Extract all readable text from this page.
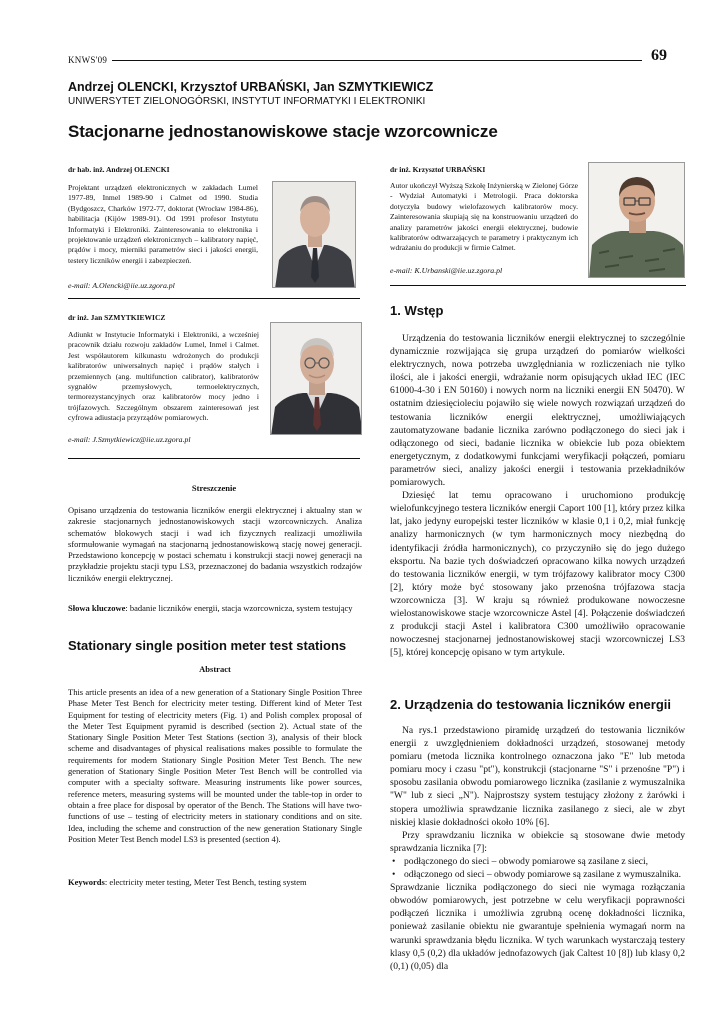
KNWS'09	69
Andrzej OLENCKI, Krzysztof URBAŃSKI, Jan SZMYTKIEWICZ
UNIWERSYTET ZIELONOGÓRSKI, INSTYTUT INFORMATYKI I ELEKTRONIKI
Stacjonarne jednostanowiskowe stacje wzorcownicze
dr hab. inż. Andrzej OLENCKI
Projektant urządzeń elektronicznych w zakładach Lumel 1977-89, Inmel 1989-90 i Calmet od 1990. Studia (Bydgoszcz, Charków 1972-77, doktorat (Wrocław 1984-86), habilitacja (Kijów 1989-91). Od 1991 profesor Instytutu Informatyki i Elektroniki. Zainteresowania to elektronika i projektowanie urządzeń elektronicznych – kalibratory napięć, prądów i mocy, mierniki parametrów sieci i jakości energii, testery liczników energii i zabezpieczeń.
e-mail: A.Olencki@iie.uz.zgora.pl
dr inż. Jan SZMYTKIEWICZ
Adiunkt w Instytucie Informatyki i Elektroniki, a wcześniej pracownik działu rozwoju zakładów Lumel, Inmel i Calmet. Jest współautorem kilkunastu wdrożonych do produkcji kalibratorów uniwersalnych napięć i prądów stałych i przemiennych (ang. multifunction calibrator), kalibratorów sygnałów przemysłowych, termoelektrycznych, termorezystancyjnych oraz kalibratorów mocy jedno i trójfazowych. Szczególnym obszarem zainteresowań jest cyfrowa adiustacja przyrządów pomiarowych.
e-mail: J.Szmytkiewicz@iie.uz.zgora.pl
Streszczenie
Opisano urządzenia do testowania liczników energii elektrycznej i aktualny stan w zakresie stacjonarnych jednostanowiskowych stacji wzorcowniczych. Analiza schematów blokowych stacji i wad ich fizycznych realizacji umożliwiła sformułowanie wymagań na stacjonarną jednostanowiskową stację nowej generacji. Przedstawiono koncepcję w postaci schematu i konstrukcji stacji nowej generacji na przykładzie projektu stacji typu LS3, przeznaczonej do badania wszystkich rodzajów liczników energii elektrycznej.
Słowa kluczowe: badanie liczników energii, stacja wzorcownicza, system testujący
Stationary single position meter test stations
Abstract
This article presents an idea of a new generation of a Stationary Single Position Three Phase Meter Test Bench for electricity meter testing. Different kind of Meter Test Equipment for testing of electricity meters (Fig. 1) and Polish complex proposal of the Meter Test Equipment pyramid is described (section 2). Actual state of the Stationary Single Position Meter Test Stations (section 3), analysis of their block scheme and disadvantages of physical realisations makes possible to formulate the requirements for modern Stationary Single Position Meter Test Bench. The new generation of Stationary Single Position Meter Test Bench will be controlled via computer with a specialty software. Measuring instruments like power sources, reference meters, measuring systems will be mounted under the table-top in order to obtain a free place for disposal by operator of the Bench. The Stations will have two-functions of use – testing of electricity meters in stationary conditions and on site. Idea, including the scheme and construction of the new generation Stationary Single Position Meter Test Bench model LS3 is presented (section 4).
Keywords: electricity meter testing, Meter Test Bench, testing system
dr inż. Krzysztof URBAŃSKI
Autor ukończył Wyższą Szkołę Inżynierską w Zielonej Górze - Wydział Automatyki i Metrologii. Praca doktorska dotyczyła budowy wielofazowych kalibratorów mocy. Zainteresowania skupiają się na konstruowaniu urządzeń do analizy parametrów jakości energii elektrycznej, budowie kalibratorów odtwarzających te parametry i praktycznym ich wdrażaniu do produkcji w firmie Calmet.
e-mail: K.Urbanski@iie.uz.zgora.pl
1. Wstęp

Urządzenia do testowania liczników energii elektrycznej to szczególnie dynamicznie rozwijająca się grupa urządzeń do pomiarów wielkości elektrycznych, nowa potrzeba uwzględniania w rozliczeniach nie tylko ilości, ale i jakości energii, wdrażanie norm opisujących układ IEC (IEC 61000-4-30 i EN 50160) i nowych norm na liczniki energii EN 50470). W ostatnim dziesięcioleciu pojawiło się wiele nowych rozwiązań urządzeń do testowania liczników energii elektrycznej, umożliwiających zautomatyzowane badanie licznika zarówno podłączonego do sieci jak i odłączonego od sieci, badanie licznika w obiekcie lub poza obiektem energetycznym, z dodatkowymi funkcjami weryfikacji połączeń, pomiaru parametrów sieci, analizy jakości energii i testowania przekładników pomiarowych.

Dziesięć lat temu opracowano i uruchomiono produkcję wielofunkcyjnego testera liczników energii Caport 100 [1], który przez kilka lat, jako jedyny europejski tester liczników w klasie 0,1 i 0,2, miał funkcję analizy harmonicznych (w tym harmonicznych mocy niezbędną do identyfikacji źródła harmonicznych), co przyczyniło się do jego dużego eksportu. Na bazie tych doświadczeń opracowano kilka nowych urządzeń do testowania liczników energii, w tym trójfazowy kalibrator mocy C300 [2], który może być stosowany jako przenośna trójfazowa stacja wzorcownicza [3]. W kraju są również produkowane nowoczesne wielostanowiskowe stacje wzorcownicze Astel [4]. Połączenie doświadczeń z produkcji stacji Astel i kalibratora C300 umożliwiło opracowanie nowoczesnej stacjonarnej jednostanowiskowej stacji wzorcowniczej LS3 [5], której koncepcję opisano w tym artykule.

2. Urządzenia do testowania liczników energii

Na rys.1 przedstawiono piramidę urządzeń do testowania liczników energii z uwzględnieniem dokładności urządzeń, stosowanej metody pomiaru (metoda licznika kontrolnego oznaczona jako "E" lub metoda pomiaru mocy i czasu "pt"), konstrukcji (stacjonarne "S" i przenośne "P") i sposobu zasilania obwodu pomiarowego licznika (zasilanie z wymuszalnika "W" lub z sieci „N"). Najprostszy system testujący złożony z żarówki i stopera umożliwia sprawdzanie licznika zasilanego z sieci, ale w zbyt niskiej klasie dokładności około 10% [6].

Przy sprawdzaniu licznika w obiekcie są stosowane dwie metody sprawdzania licznika [7]:

• podłączonego do sieci – obwody pomiarowe są zasilane z sieci,
• odłączonego od sieci – obwody pomiarowe są zasilane z wymuszalnika.

Sprawdzanie licznika podłączonego do sieci nie wymaga rozłączania obwodów pomiarowych, jest potrzebne w celu weryfikacji poprawności podłączeń licznika i umożliwia zgrubną ocenę dokładności licznika, ponieważ zasilanie obiektu nie gwarantuje spełnienia wymagań norm na warunki sprawdzania błędu licznika. W tych warunkach wystarczają testery klasy 0,5 (0,2) dla układów jednofazowych (jak Caltest 10 [8]) lub klasy 0,2 (0,1) (0,05) dla
